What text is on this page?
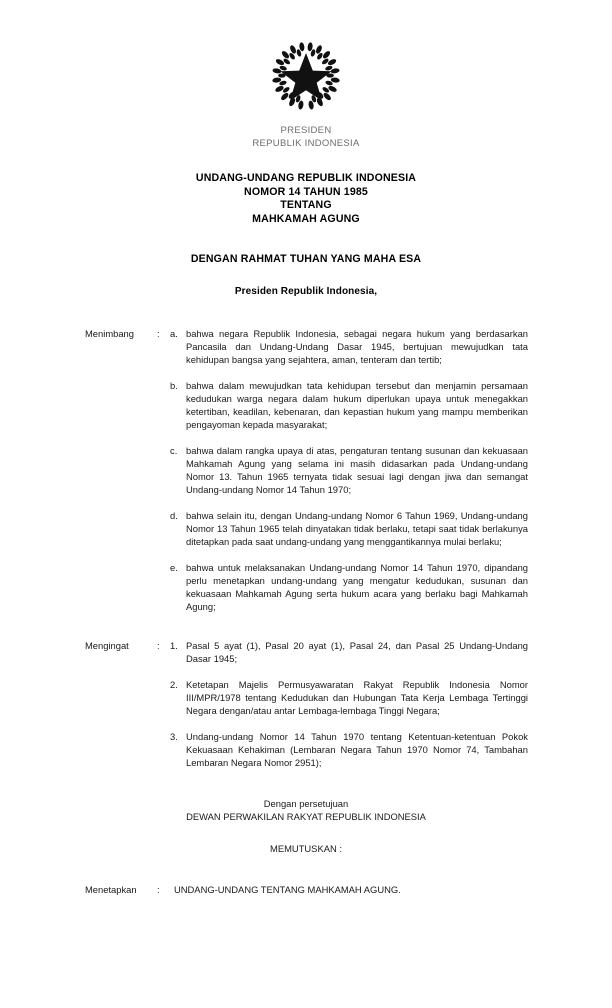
PRESIDEN
REPUBLIK INDONESIA
UNDANG-UNDANG REPUBLIK INDONESIA
NOMOR 14 TAHUN 1985
TENTANG
MAHKAMAH AGUNG
DENGAN RAHMAT TUHAN YANG MAHA ESA
Presiden Republik Indonesia,
Menimbang	:	a. bahwa negara Republik Indonesia, sebagai negara hukum yang berdasarkan Pancasila dan Undang-Undang Dasar 1945, bertujuan mewujudkan tata kehidupan bangsa yang sejahtera, aman, tenteram dan tertib;
b. bahwa dalam mewujudkan tata kehidupan tersebut dan menjamin persamaan kedudukan warga negara dalam hukum diperlukan upaya untuk menegakkan ketertiban, keadilan, kebenaran, dan kepastian hukum yang mampu memberikan pengayoman kepada masyarakat;
c. bahwa dalam rangka upaya di atas, pengaturan tentang susunan dan kekuasaan Mahkamah Agung yang selama ini masih didasarkan pada Undang-undang Nomor 13. Tahun 1965 ternyata tidak sesuai lagi dengan jiwa dan semangat Undang-undang Nomor 14 Tahun 1970;
d. bahwa selain itu, dengan Undang-undang Nomor 6 Tahun 1969, Undang-undang Nomor 13 Tahun 1965 telah dinyatakan tidak berlaku, tetapi saat tidak berlakunya ditetapkan pada saat undang-undang yang menggantikannya mulai berlaku;
e. bahwa untuk melaksanakan Undang-undang Nomor 14 Tahun 1970, dipandang perlu menetapkan undang-undang yang mengatur kedudukan, susunan dan kekuasaan Mahkamah Agung serta hukum acara yang berlaku bagi Mahkamah Agung;
Mengingat	:	1. Pasal 5 ayat (1), Pasal 20 ayat (1), Pasal 24, dan Pasal 25 Undang-Undang Dasar 1945;
2. Ketetapan Majelis Permusyawaratan Rakyat Republik Indonesia Nomor III/MPR/1978 tentang Kedudukan dan Hubungan Tata Kerja Lembaga Tertinggi Negara dengan/atau antar Lembaga-lembaga Tinggi Negara;
3. Undang-undang Nomor 14 Tahun 1970 tentang Ketentuan-ketentuan Pokok Kekuasaan Kehakiman (Lembaran Negara Tahun 1970 Nomor 74, Tambahan Lembaran Negara Nomor 2951);
Dengan persetujuan
DEWAN PERWAKILAN RAKYAT REPUBLIK INDONESIA
MEMUTUSKAN :
Menetapkan	:	UNDANG-UNDANG TENTANG MAHKAMAH AGUNG.
